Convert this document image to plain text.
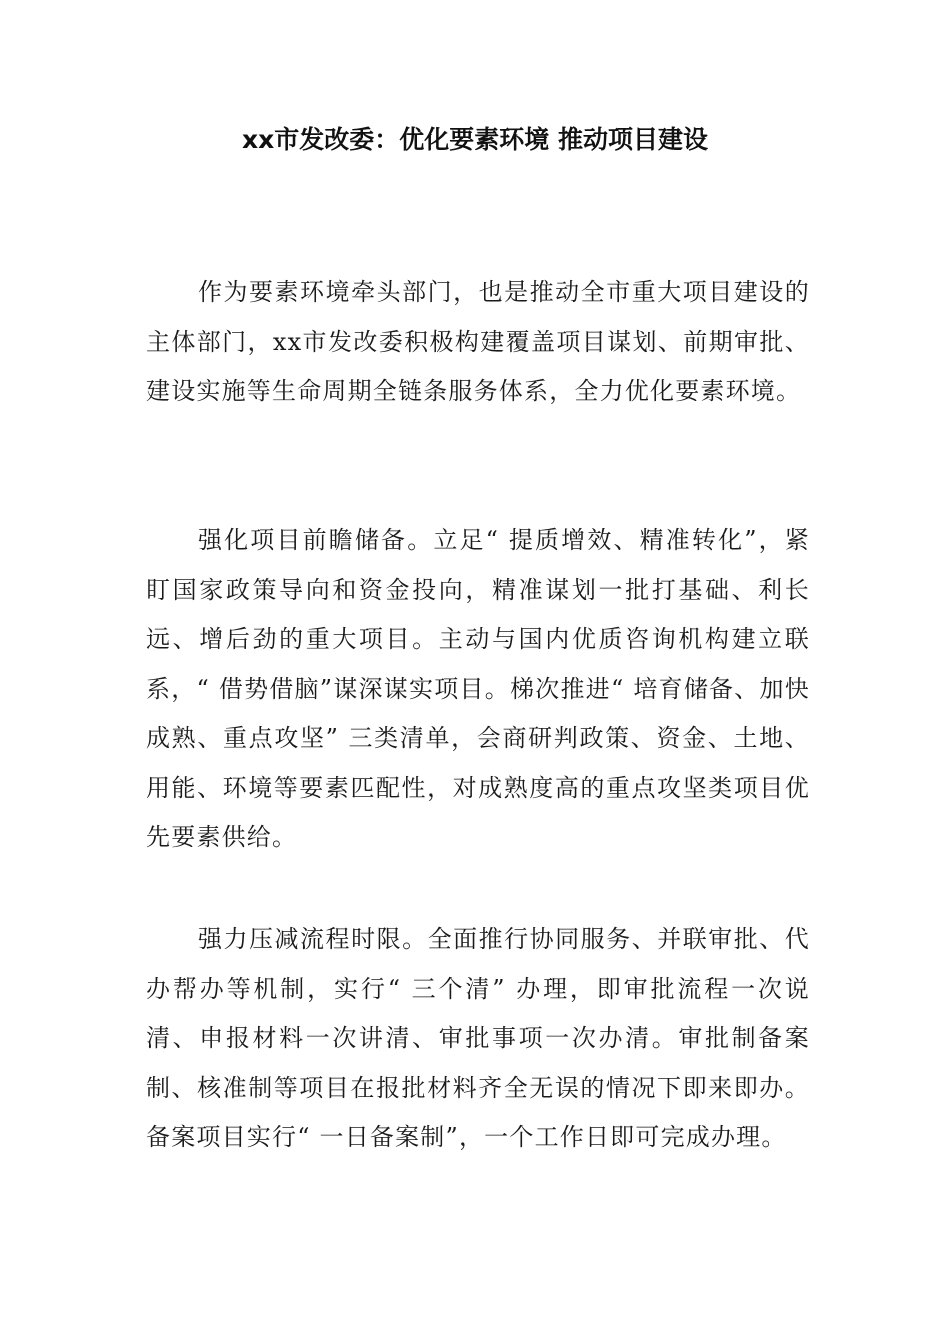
xx市发改委：优化要素环境 推动项目建设

作为要素环境牵头部门，也是推动全市重大项目建设的主体部门，xx市发改委积极构建覆盖项目谋划、前期审批、建设实施等生命周期全链条服务体系，全力优化要素环境。

强化项目前瞻储备。立足“ 提质增效、精准转化”，紧盯国家政策导向和资金投向，精准谋划一批打基础、利长远、增后劲的重大项目。主动与国内优质咨询机构建立联系，“ 借势借脑”谋深谋实项目。梯次推进“ 培育储备、加快成熟、重点攻坚” 三类清单，会商研判政策、资金、土地、用能、环境等要素匹配性，对成熟度高的重点攻坚类项目优先要素供给。

强力压减流程时限。全面推行协同服务、并联审批、代办帮办等机制，实行“ 三个清” 办理，即审批流程一次说清、申报材料一次讲清、审批事项一次办清。审批制备案制、核准制等项目在报批材料齐全无误的情况下即来即办。备案项目实行“ 一日备案制”，一个工作日即可完成办理。
